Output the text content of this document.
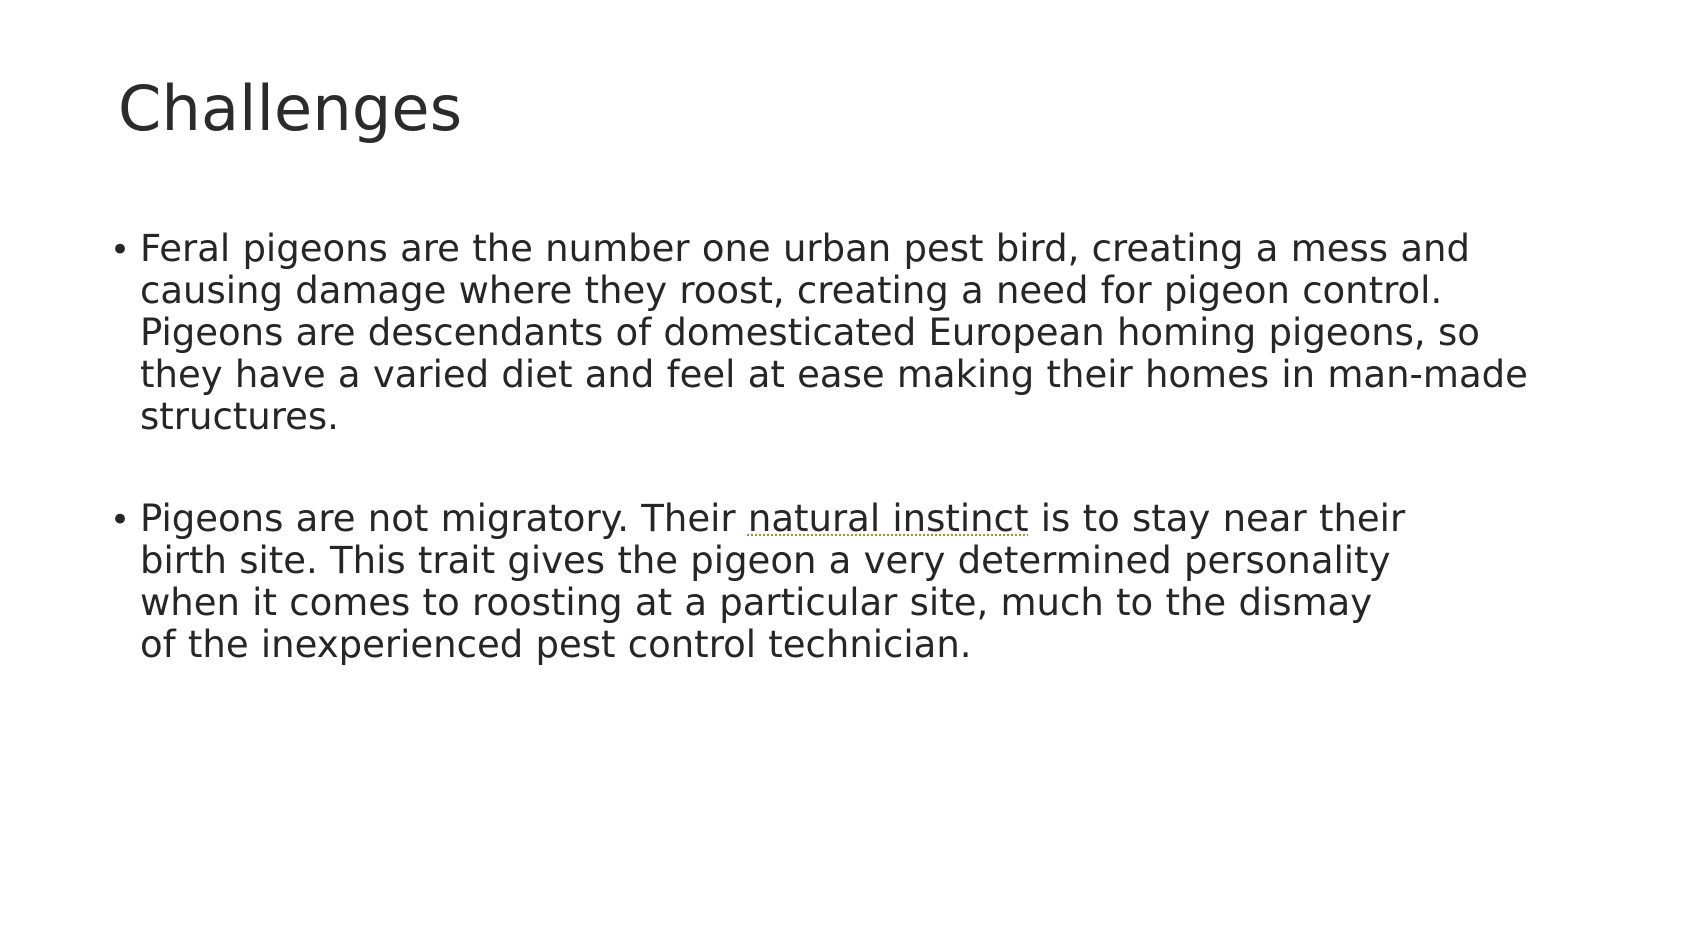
Challenges
• Feral pigeons are the number one urban pest bird, creating a mess and causing damage where they roost, creating a need for pigeon control. Pigeons are descendants of domesticated European homing pigeons, so they have a varied diet and feel at ease making their homes in man-made structures.
• Pigeons are not migratory. Their natural instinct is to stay near their birth site. This trait gives the pigeon a very determined personality when it comes to roosting at a particular site, much to the dismay of the inexperienced pest control technician.
